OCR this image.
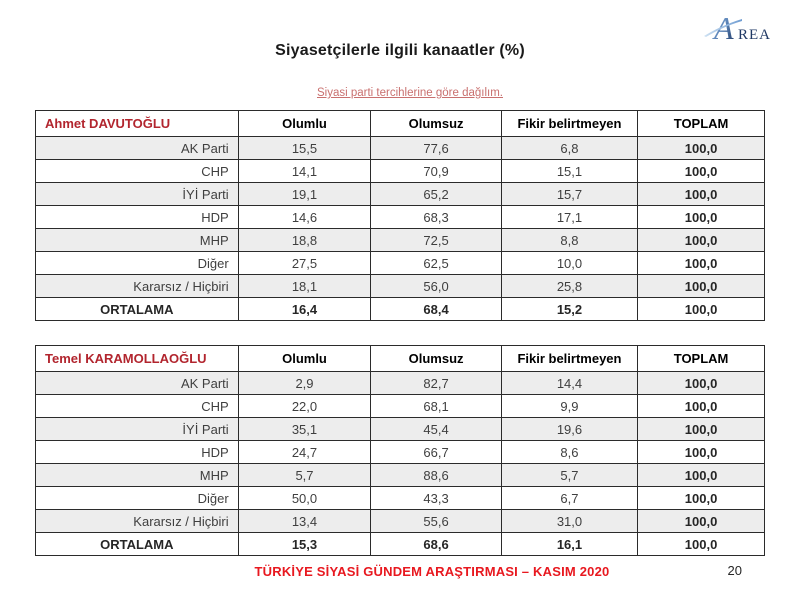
A REA
Siyasetçilerle ilgili kanaatler (%)
Siyasi parti tercihlerine göre dağılım.
Ahmet DAVUTOĞLU	Olumlu	Olumsuz	Fikir belirtmeyen	TOPLAM
AK Parti	15,5	77,6	6,8	100,0
CHP	14,1	70,9	15,1	100,0
İYİ Parti	19,1	65,2	15,7	100,0
HDP	14,6	68,3	17,1	100,0
MHP	18,8	72,5	8,8	100,0
Diğer	27,5	62,5	10,0	100,0
Kararsız / Hiçbiri	18,1	56,0	25,8	100,0
ORTALAMA	16,4	68,4	15,2	100,0
Temel KARAMOLLAOĞLU	Olumlu	Olumsuz	Fikir belirtmeyen	TOPLAM
AK Parti	2,9	82,7	14,4	100,0
CHP	22,0	68,1	9,9	100,0
İYİ Parti	35,1	45,4	19,6	100,0
HDP	24,7	66,7	8,6	100,0
MHP	5,7	88,6	5,7	100,0
Diğer	50,0	43,3	6,7	100,0
Kararsız / Hiçbiri	13,4	55,6	31,0	100,0
ORTALAMA	15,3	68,6	16,1	100,0
TÜRKİYE SİYASİ GÜNDEM ARAŞTIRMASI – KASIM 2020	20
